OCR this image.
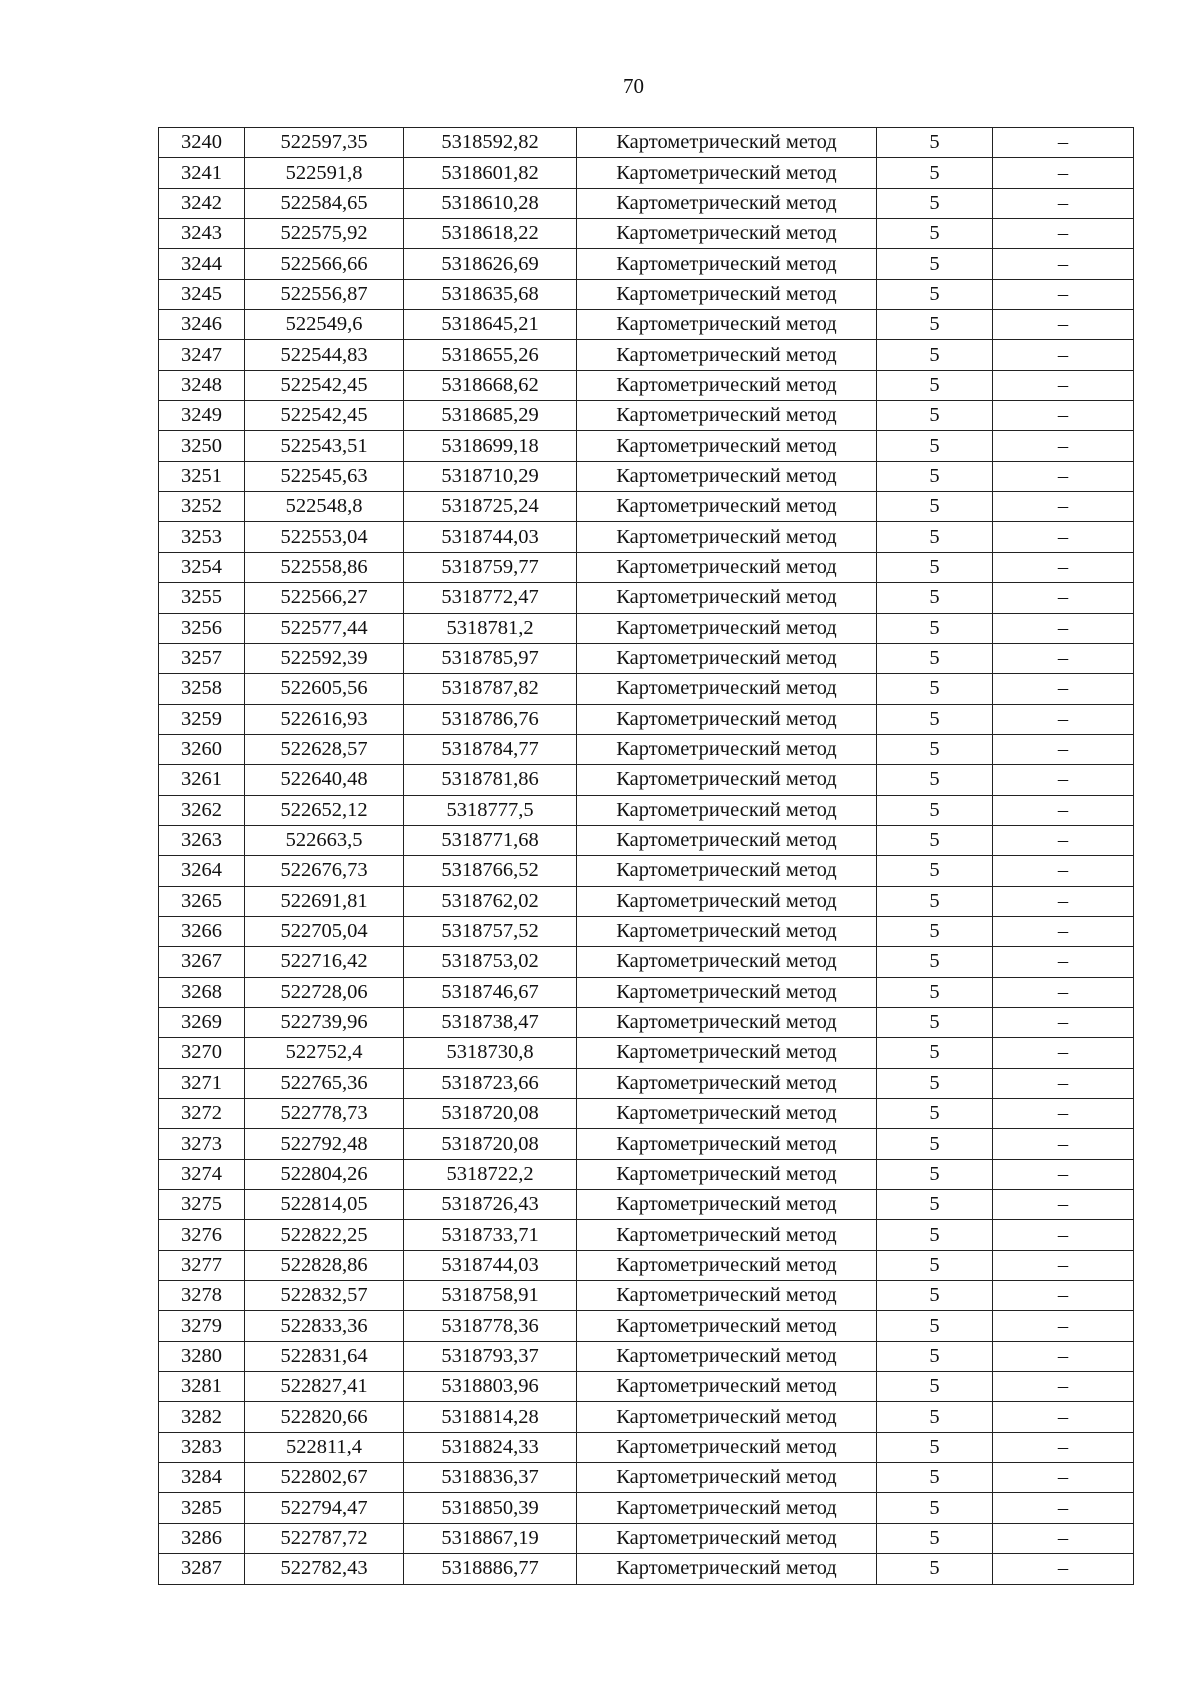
70
3240	522597,35	5318592,82	Картометрический метод	5	–
3241	522591,8	5318601,82	Картометрический метод	5	–
3242	522584,65	5318610,28	Картометрический метод	5	–
3243	522575,92	5318618,22	Картометрический метод	5	–
3244	522566,66	5318626,69	Картометрический метод	5	–
3245	522556,87	5318635,68	Картометрический метод	5	–
3246	522549,6	5318645,21	Картометрический метод	5	–
3247	522544,83	5318655,26	Картометрический метод	5	–
3248	522542,45	5318668,62	Картометрический метод	5	–
3249	522542,45	5318685,29	Картометрический метод	5	–
3250	522543,51	5318699,18	Картометрический метод	5	–
3251	522545,63	5318710,29	Картометрический метод	5	–
3252	522548,8	5318725,24	Картометрический метод	5	–
3253	522553,04	5318744,03	Картометрический метод	5	–
3254	522558,86	5318759,77	Картометрический метод	5	–
3255	522566,27	5318772,47	Картометрический метод	5	–
3256	522577,44	5318781,2	Картометрический метод	5	–
3257	522592,39	5318785,97	Картометрический метод	5	–
3258	522605,56	5318787,82	Картометрический метод	5	–
3259	522616,93	5318786,76	Картометрический метод	5	–
3260	522628,57	5318784,77	Картометрический метод	5	–
3261	522640,48	5318781,86	Картометрический метод	5	–
3262	522652,12	5318777,5	Картометрический метод	5	–
3263	522663,5	5318771,68	Картометрический метод	5	–
3264	522676,73	5318766,52	Картометрический метод	5	–
3265	522691,81	5318762,02	Картометрический метод	5	–
3266	522705,04	5318757,52	Картометрический метод	5	–
3267	522716,42	5318753,02	Картометрический метод	5	–
3268	522728,06	5318746,67	Картометрический метод	5	–
3269	522739,96	5318738,47	Картометрический метод	5	–
3270	522752,4	5318730,8	Картометрический метод	5	–
3271	522765,36	5318723,66	Картометрический метод	5	–
3272	522778,73	5318720,08	Картометрический метод	5	–
3273	522792,48	5318720,08	Картометрический метод	5	–
3274	522804,26	5318722,2	Картометрический метод	5	–
3275	522814,05	5318726,43	Картометрический метод	5	–
3276	522822,25	5318733,71	Картометрический метод	5	–
3277	522828,86	5318744,03	Картометрический метод	5	–
3278	522832,57	5318758,91	Картометрический метод	5	–
3279	522833,36	5318778,36	Картометрический метод	5	–
3280	522831,64	5318793,37	Картометрический метод	5	–
3281	522827,41	5318803,96	Картометрический метод	5	–
3282	522820,66	5318814,28	Картометрический метод	5	–
3283	522811,4	5318824,33	Картометрический метод	5	–
3284	522802,67	5318836,37	Картометрический метод	5	–
3285	522794,47	5318850,39	Картометрический метод	5	–
3286	522787,72	5318867,19	Картометрический метод	5	–
3287	522782,43	5318886,77	Картометрический метод	5	–
